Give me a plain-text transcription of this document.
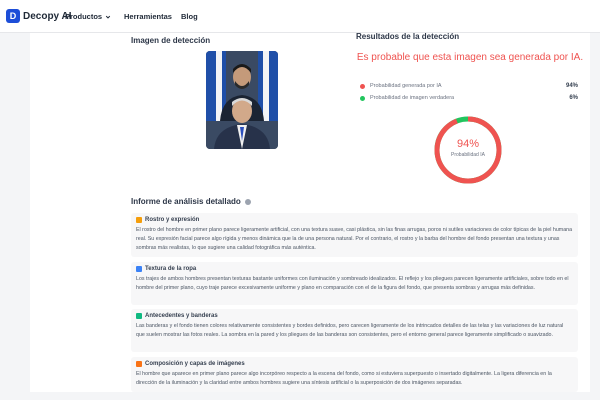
D Decopy AI
Productos	Herramientas Blog
Imagen de detección	Resultados de la detección
Es probable que esta imagen sea generada por IA.
Probabilidad generada por IA	94%
Probabilidad de imagen verdadera	6%
94%
Probabilidad IA
Informe de análisis detallado
Rostro y expresión
El rostro del hombre en primer plano parece ligeramente artificial, con una textura suave, casi plástica, sin las finas arrugas, poros ni sutiles variaciones de color típicas de la piel humana real. Su expresión facial parece algo rígida y menos dinámica que la de una persona natural. Por el contrario, el rostro y la barba del hombre del fondo presentan una textura y unas sombras más realistas, lo que sugiere una calidad fotográfica más auténtica.
Textura de la ropa
Los trajes de ambos hombres presentan texturas bastante uniformes con iluminación y sombreado idealizados. El reflejo y los pliegues parecen ligeramente artificiales, sobre todo en el hombre del primer plano, cuyo traje parece excesivamente uniforme y plano en comparación con el de la figura del fondo, que presenta sombras y arrugas más definidas.
Antecedentes y banderas
Las banderas y el fondo tienen colores relativamente consistentes y bordes definidos, pero carecen ligeramente de los intrincados detalles de las telas y las variaciones de luz natural que suelen mostrar las fotos reales. La sombra en la pared y los pliegues de las banderas son consistentes, pero el entorno general parece ligeramente simplificado o suavizado.
Composición y capas de imágenes
El hombre que aparece en primer plano parece algo incorpóreo respecto a la escena del fondo, como si estuviera superpuesto o insertado digitalmente. La ligera diferencia en la dirección de la iluminación y la claridad entre ambos hombres sugiere una síntesis artificial o la superposición de dos imágenes separadas.
